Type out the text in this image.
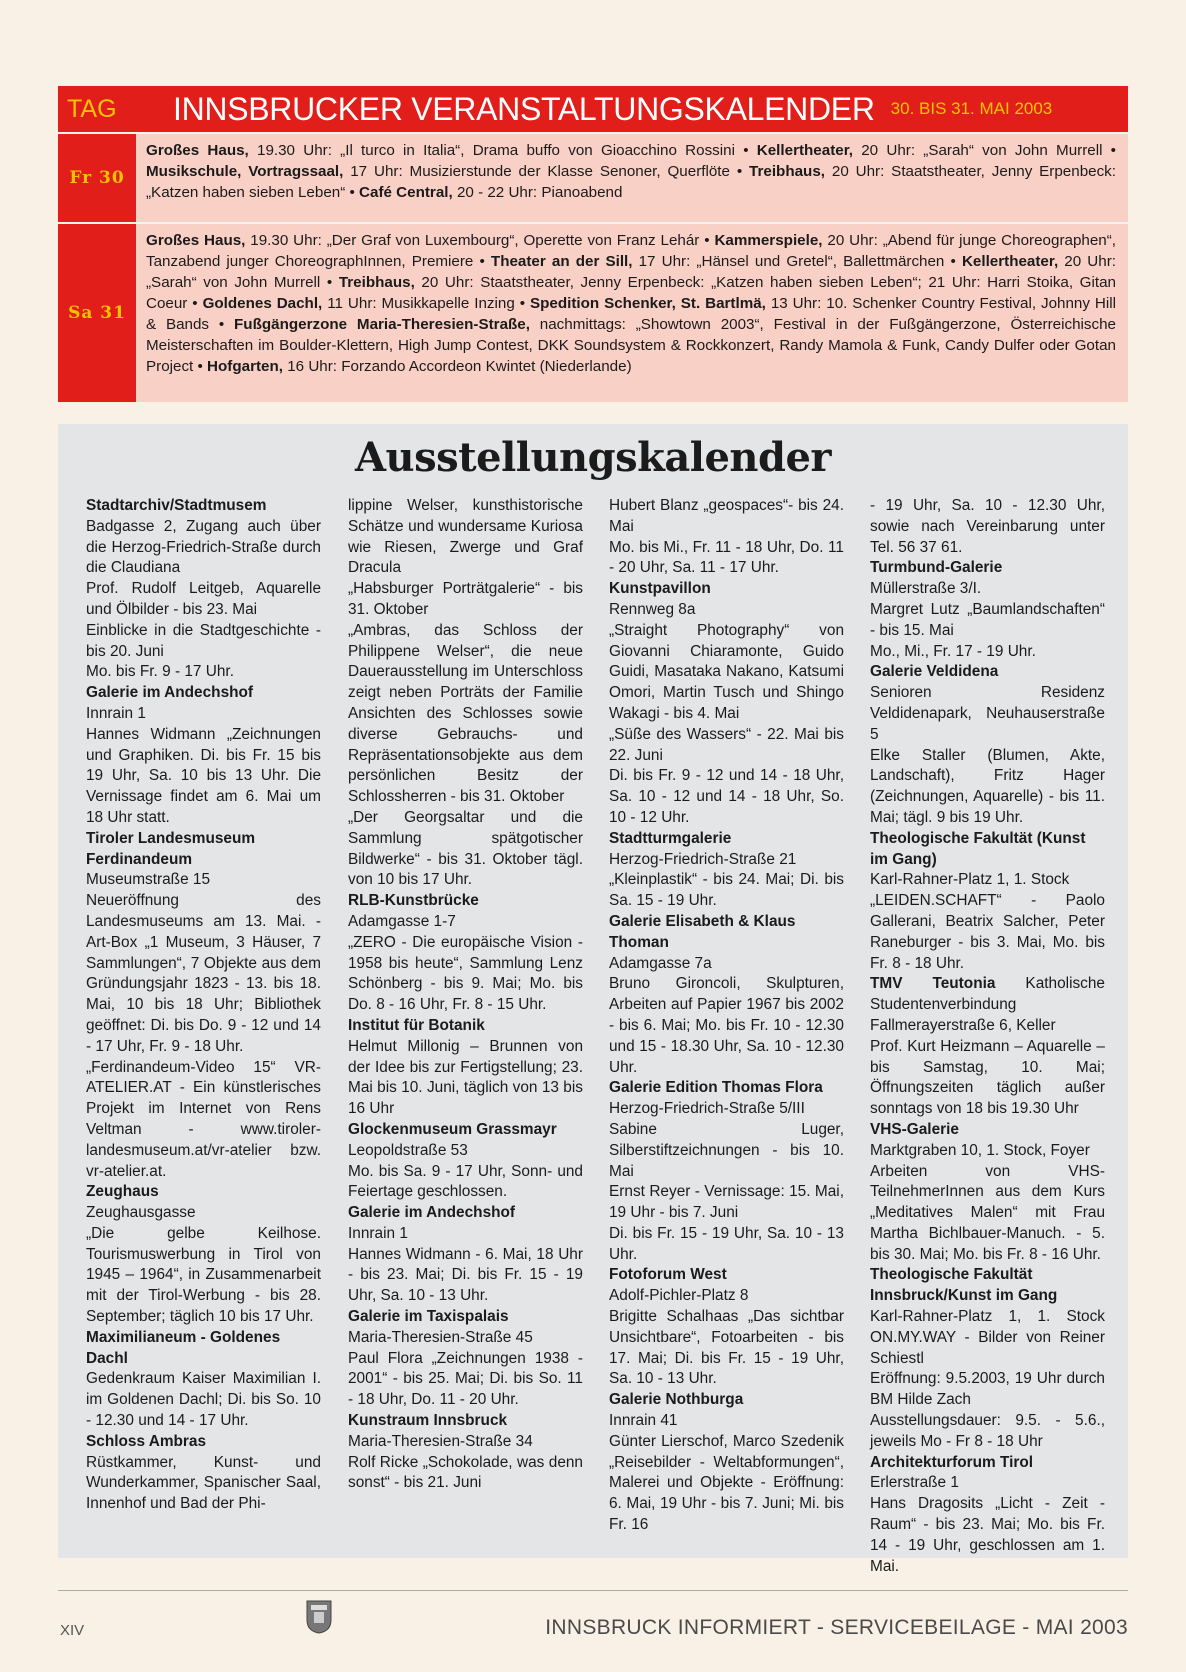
TAG	INNSBRUCKER VERANSTALTUNGSKALENDER 30. BIS 31. MAI 2003
Fr 30
Großes Haus, 19.30 Uhr: „Il turco in Italia“, Drama buffo von Gioacchino Rossini • Kellertheater, 20 Uhr: „Sarah“ von John Murrell • Musikschule, Vortragssaal, 17 Uhr: Musizierstunde der Klasse Senoner, Querflöte • Treibhaus, 20 Uhr: Staatstheater, Jenny Erpenbeck: „Katzen haben sieben Leben“ • Café Central, 20 - 22 Uhr: Pianoabend
Sa 31
Großes Haus, 19.30 Uhr: „Der Graf von Luxembourg“, Operette von Franz Lehár • Kammerspiele, 20 Uhr: „Abend für junge Choreographen“, Tanzabend junger ChoreographInnen, Premiere • Theater an der Sill, 17 Uhr: „Hänsel und Gretel“, Ballettmärchen • Kellertheater, 20 Uhr: „Sarah“ von John Murrell • Treibhaus, 20 Uhr: Staatstheater, Jenny Erpenbeck: „Katzen haben sieben Leben“; 21 Uhr: Harri Stoika, Gitan Coeur • Goldenes Dachl, 11 Uhr: Musikkapelle Inzing • Spedition Schenker, St. Bartlmä, 13 Uhr: 10. Schenker Country Festival, Johnny Hill & Bands • Fußgängerzone Maria-Theresien-Straße, nachmittags: „Showtown 2003“, Festival in der Fußgängerzone, Österreichische Meisterschaften im Boulder-Klettern, High Jump Contest, DKK Soundsystem & Rockkonzert, Randy Mamola & Funk, Candy Dulfer oder Gotan Project • Hofgarten, 16 Uhr: Forzando Accordeon Kwintet (Niederlande)
Ausstellungskalender

Stadtarchiv/Stadtmusem

Badgasse 2, Zugang auch über die Herzog-Friedrich-Straße durch die Claudiana

Prof. Rudolf Leitgeb, Aquarelle und Ölbilder - bis 23. Mai

Einblicke in die Stadtgeschichte - bis 20. Juni

Mo. bis Fr. 9 - 17 Uhr.

Galerie im Andechshof

Innrain 1

Hannes Widmann „Zeichnungen und Graphiken. Di. bis Fr. 15 bis 19 Uhr, Sa. 10 bis 13 Uhr. Die Vernissage findet am 6. Mai um 18 Uhr statt.

Tiroler Landesmuseum Ferdinandeum

Museumstraße 15

Neueröffnung des Landesmuseums am 13. Mai. - Art-Box „1 Museum, 3 Häuser, 7 Sammlungen“, 7 Objekte aus dem Gründungsjahr 1823 - 13. bis 18. Mai, 10 bis 18 Uhr; Bibliothek geöffnet: Di. bis Do. 9 - 12 und 14 - 17 Uhr, Fr. 9 - 18 Uhr.

„Ferdinandeum-Video 15“ VR-ATELIER.AT - Ein künstlerisches Projekt im Internet von Rens Veltman - www.tiroler-landesmuseum.at/vr-atelier bzw. vr-atelier.at.

Zeughaus

Zeughausgasse

„Die gelbe Keilhose. Tourismuswerbung in Tirol von 1945 – 1964“, in Zusammenarbeit mit der Tirol-Werbung - bis 28. September; täglich 10 bis 17 Uhr.

Maximilianeum - Goldenes Dachl

Gedenkraum Kaiser Maximilian I. im Goldenen Dachl; Di. bis So. 10 - 12.30 und 14 - 17 Uhr.

Schloss Ambras

Rüstkammer, Kunst- und Wunderkammer, Spanischer Saal, Innenhof und Bad der Phi-

lippine Welser, kunsthistorische Schätze und wundersame Kuriosa wie Riesen, Zwerge und Graf Dracula

„Habsburger Porträtgalerie“ - bis 31. Oktober

„Ambras, das Schloss der Philippene Welser“, die neue Dauerausstellung im Unterschloss zeigt neben Porträts der Familie Ansichten des Schlosses sowie diverse Gebrauchs- und Repräsentationsobjekte aus dem persönlichen Besitz der Schlossherren - bis 31. Oktober

„Der Georgsaltar und die Sammlung spätgotischer Bildwerke“ - bis 31. Oktober tägl. von 10 bis 17 Uhr.

RLB-Kunstbrücke

Adamgasse 1-7

„ZERO - Die europäische Vision - 1958 bis heute“, Sammlung Lenz Schönberg - bis 9. Mai; Mo. bis Do. 8 - 16 Uhr, Fr. 8 - 15 Uhr.

Institut für Botanik

Helmut Millonig – Brunnen von der Idee bis zur Fertigstellung; 23. Mai bis 10. Juni, täglich von 13 bis 16 Uhr

Glockenmuseum Grassmayr

Leopoldstraße 53

Mo. bis Sa. 9 - 17 Uhr, Sonn- und Feiertage geschlossen.

Galerie im Andechshof

Innrain 1

Hannes Widmann - 6. Mai, 18 Uhr - bis 23. Mai; Di. bis Fr. 15 - 19 Uhr, Sa. 10 - 13 Uhr.

Galerie im Taxispalais

Maria-Theresien-Straße 45

Paul Flora „Zeichnungen 1938 - 2001“ - bis 25. Mai; Di. bis So. 11 - 18 Uhr, Do. 11 - 20 Uhr.

Kunstraum Innsbruck

Maria-Theresien-Straße 34

Rolf Ricke „Schokolade, was denn sonst“ - bis 21. Juni

Hubert Blanz „geospaces“- bis 24. Mai

Mo. bis Mi., Fr. 11 - 18 Uhr, Do. 11 - 20 Uhr, Sa. 11 - 17 Uhr.

Kunstpavillon

Rennweg 8a

„Straight Photography“ von Giovanni Chiaramonte, Guido Guidi, Masataka Nakano, Katsumi Omori, Martin Tusch und Shingo Wakagi - bis 4. Mai

„Süße des Wassers“ - 22. Mai bis 22. Juni

Di. bis Fr. 9 - 12 und 14 - 18 Uhr, Sa. 10 - 12 und 14 - 18 Uhr, So. 10 - 12 Uhr.

Stadtturmgalerie

Herzog-Friedrich-Straße 21

„Kleinplastik“ - bis 24. Mai; Di. bis Sa. 15 - 19 Uhr.

Galerie Elisabeth & Klaus Thoman

Adamgasse 7a

Bruno Gironcoli, Skulpturen, Arbeiten auf Papier 1967 bis 2002 - bis 6. Mai; Mo. bis Fr. 10 - 12.30 und 15 - 18.30 Uhr, Sa. 10 - 12.30 Uhr.

Galerie Edition Thomas Flora

Herzog-Friedrich-Straße 5/III

Sabine Luger, Silberstiftzeichnungen - bis 10. Mai

Ernst Reyer - Vernissage: 15. Mai, 19 Uhr - bis 7. Juni

Di. bis Fr. 15 - 19 Uhr, Sa. 10 - 13 Uhr.

Fotoforum West

Adolf-Pichler-Platz 8

Brigitte Schalhaas „Das sichtbar Unsichtbare“, Fotoarbeiten - bis 17. Mai; Di. bis Fr. 15 - 19 Uhr, Sa. 10 - 13 Uhr.

Galerie Nothburga

Innrain 41

Günter Lierschof, Marco Szedenik „Reisebilder - Weltabformungen“, Malerei und Objekte - Eröffnung: 6. Mai, 19 Uhr - bis 7. Juni; Mi. bis Fr. 16

- 19 Uhr, Sa. 10 - 12.30 Uhr, sowie nach Vereinbarung unter Tel. 56 37 61.

Turmbund-Galerie

Müllerstraße 3/I.

Margret Lutz „Baumlandschaften“ - bis 15. Mai

Mo., Mi., Fr. 17 - 19 Uhr.

Galerie Veldidena

Senioren Residenz Veldidenapark, Neuhauserstraße 5

Elke Staller (Blumen, Akte, Landschaft), Fritz Hager (Zeichnungen, Aquarelle) - bis 11. Mai; tägl. 9 bis 19 Uhr.

Theologische Fakultät (Kunst im Gang)

Karl-Rahner-Platz 1, 1. Stock

„LEIDEN.SCHAFT“ - Paolo Gallerani, Beatrix Salcher, Peter Raneburger - bis 3. Mai, Mo. bis Fr. 8 - 18 Uhr.

TMV Teutonia Katholische Studentenverbindung

Fallmerayerstraße 6, Keller

Prof. Kurt Heizmann – Aquarelle – bis Samstag, 10. Mai; Öffnungszeiten täglich außer sonntags von 18 bis 19.30 Uhr

VHS-Galerie

Marktgraben 10, 1. Stock, Foyer

Arbeiten von VHS-TeilnehmerInnen aus dem Kurs „Meditatives Malen“ mit Frau Martha Bichlbauer-Manuch. - 5. bis 30. Mai; Mo. bis Fr. 8 - 16 Uhr.

Theologische Fakultät Innsbruck/Kunst im Gang

Karl-Rahner-Platz 1, 1. Stock ON.MY.WAY - Bilder von Reiner Schiestl

Eröffnung: 9.5.2003, 19 Uhr durch BM Hilde Zach

Ausstellungsdauer: 9.5. - 5.6., jeweils Mo - Fr 8 - 18 Uhr

Architekturforum Tirol

Erlerstraße 1

Hans Dragosits „Licht - Zeit - Raum“ - bis 23. Mai; Mo. bis Fr. 14 - 19 Uhr, geschlossen am 1. Mai.

XIV	INNSBRUCK INFORMIERT - SERVICEBEILAGE - MAI 2003
